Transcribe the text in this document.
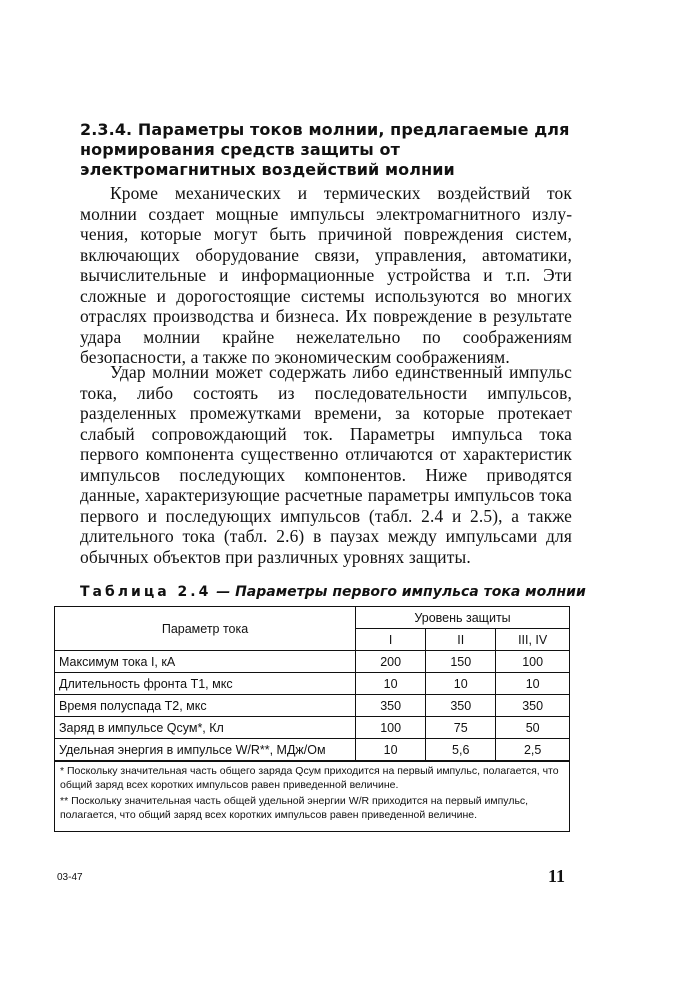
2.3.4. Параметры токов молнии, предлагаемые для нормирования средств защиты от электромагнитных воздействий молнии

Кроме механических и термических воздействий ток молнии создает мощные импульсы электромагнитного излучения, которые могут быть причиной повреждения систем, включающих оборудование связи, управления, автоматики, вычислительные и информационные устройства и т.п. Эти сложные и дорогостоящие системы используются во многих отраслях производства и бизнеса. Их повреждение в результате удара молнии крайне нежелательно по соображениям безопасности, а также по экономическим соображениям.

Удар молнии может содержать либо единственный импульс тока, либо состоять из последовательности импульсов, разделенных промежутками времени, за которые протекает слабый сопровождающий ток. Параметры импульса тока первого компонента существенно отличаются от характеристик импульсов последующих компонентов. Ниже приводятся данные, характеризующие расчетные параметры импульсов тока первого и последующих импульсов (табл. 2.4 и 2.5), а также длительного тока (табл. 2.6) в паузах между импульсами для обычных объектов при различных уровнях защиты.

Таблица 2.4 — Параметры первого импульса тока молнии
Параметр тока	Уровень защиты		
	I	II	III, IV
Максимум тока I, кА	200	150	100
Длительность фронта T1, мкс	10	10	10
Время полуспада T2, мкс	350	350	350
Заряд в импульсе Qсум*, Кл	100	75	50
Удельная энергия в импульсе W/R**, МДж/Ом	10	5,6	2,5

* Поскольку значительная часть общего заряда Qсум приходится на первый импульс, полагается, что общий заряд всех коротких импульсов равен приведенной величине.

** Поскольку значительная часть общей удельной энергии W/R приходится на первый импульс, полагается, что общий заряд всех коротких импульсов равен приведенной величине.

03-47	11
